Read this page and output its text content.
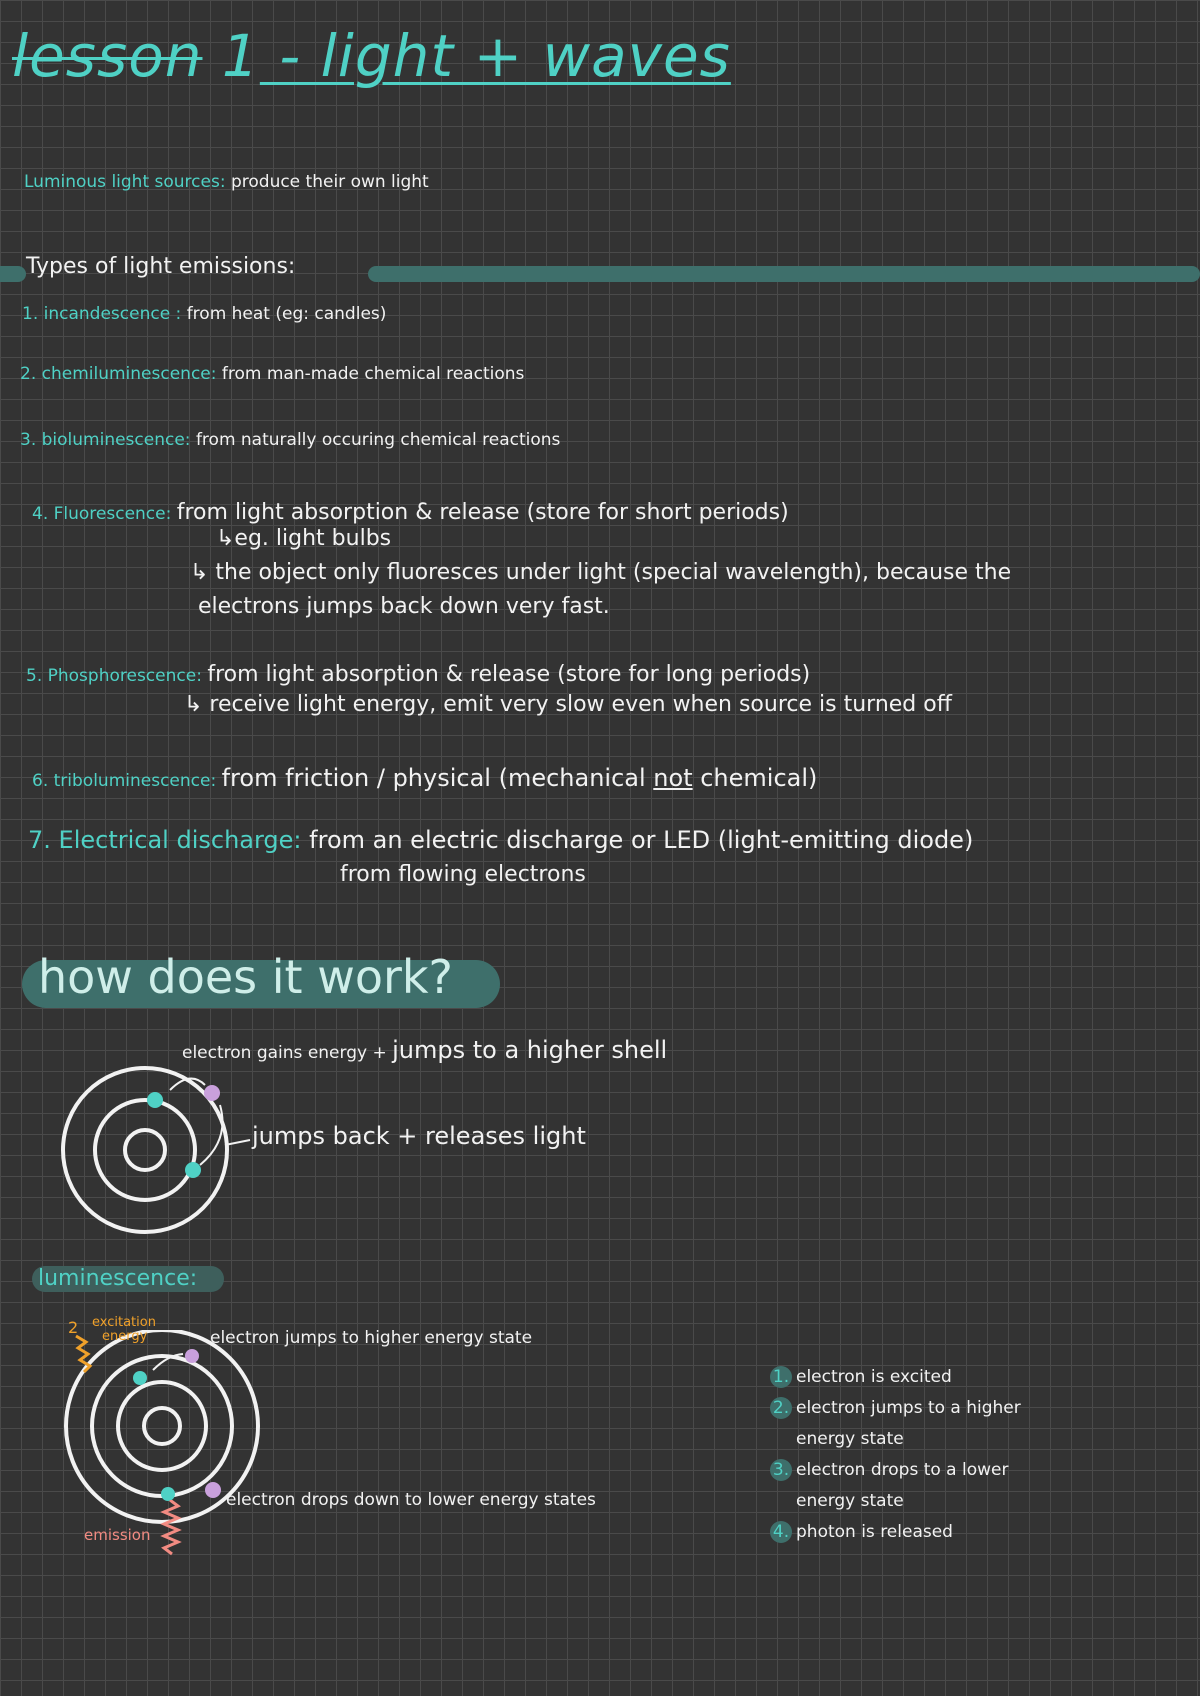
lesson 1 - light + waves
Luminous light sources: produce their own light
Types of light emissions:
1. incandescence : from heat (eg: candles)
2. chemiluminescence: from man-made chemical reactions
3. bioluminescence: from naturally occuring chemical reactions
4. Fluorescence: from light absorption & release (store for short periods)
↳eg. light bulbs
↳ the object only fluoresces under light (special wavelength), because the
electrons jumps back down very fast.
5. Phosphorescence: from light absorption & release (store for long periods)
↳ receive light energy, emit very slow even when source is turned off
6. triboluminescence: from friction / physical (mechanical not chemical)
7. Electrical discharge: from an electric discharge or LED (light-emitting diode)
from flowing electrons
how does it work?
electron gains energy + jumps to a higher shell
jumps back + releases light
luminescence:
2 excitation
energy	electron jumps to higher energy state
electron drops down to lower energy states
emission
1. electron is excited
2. electron jumps to a higher
energy state
3. electron drops to a lower
energy state
4. photon is released
